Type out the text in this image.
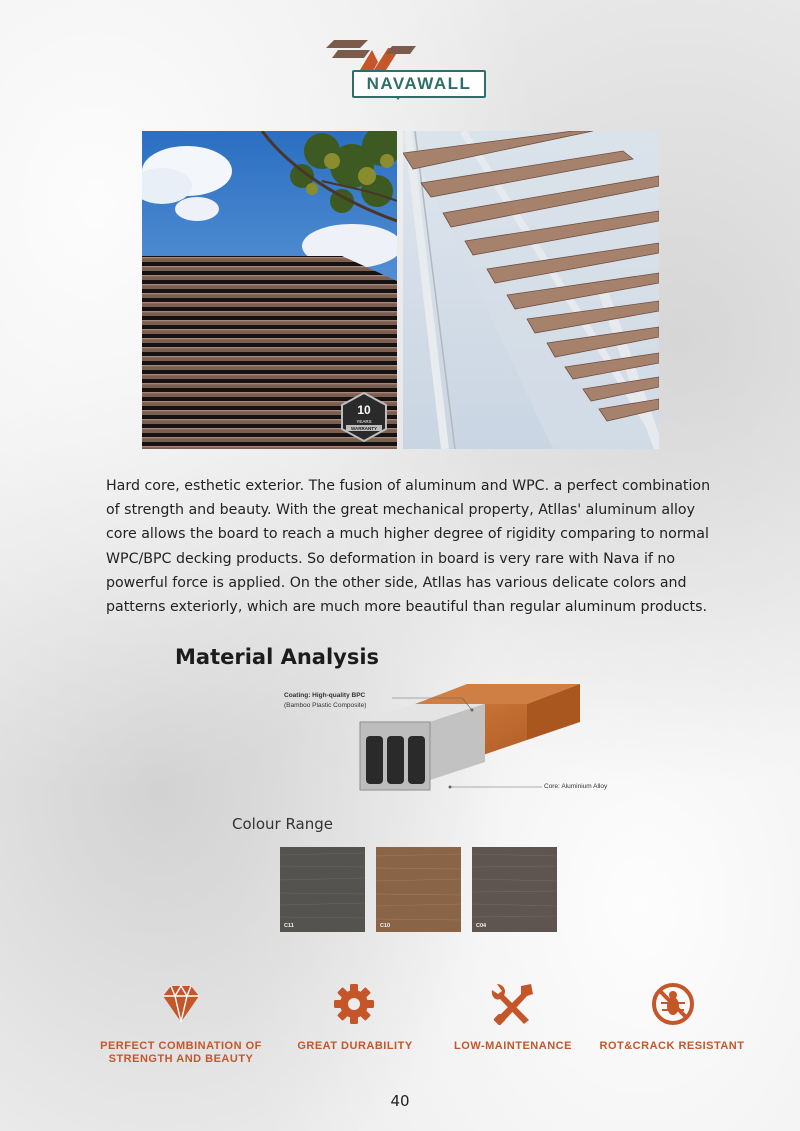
NAVAWALL
10
YEARS
WARRANTY
Hard core, esthetic exterior. The fusion of aluminum and WPC. a perfect combination of strength and beauty. With the great mechanical property, Atllas' aluminum alloy core allows the board to reach a much higher degree of rigidity comparing to normal WPC/BPC decking products. So deformation in board is very rare with Nava if no powerful force is applied. On the other side, Atllas has various delicate colors and patterns exteriorly, which are much more beautiful than regular aluminum products.
Material Analysis
Coating: High-quality BPC
(Bamboo Plastic Composite)
Core: Aluminium Alloy
Colour Range
C11	C10	C04
PERFECT COMBINATION OF
STRENGTH AND BEAUTY
GREAT DURABILITY	LOW-MAINTENANCE	ROT&CRACK RESISTANT
40
